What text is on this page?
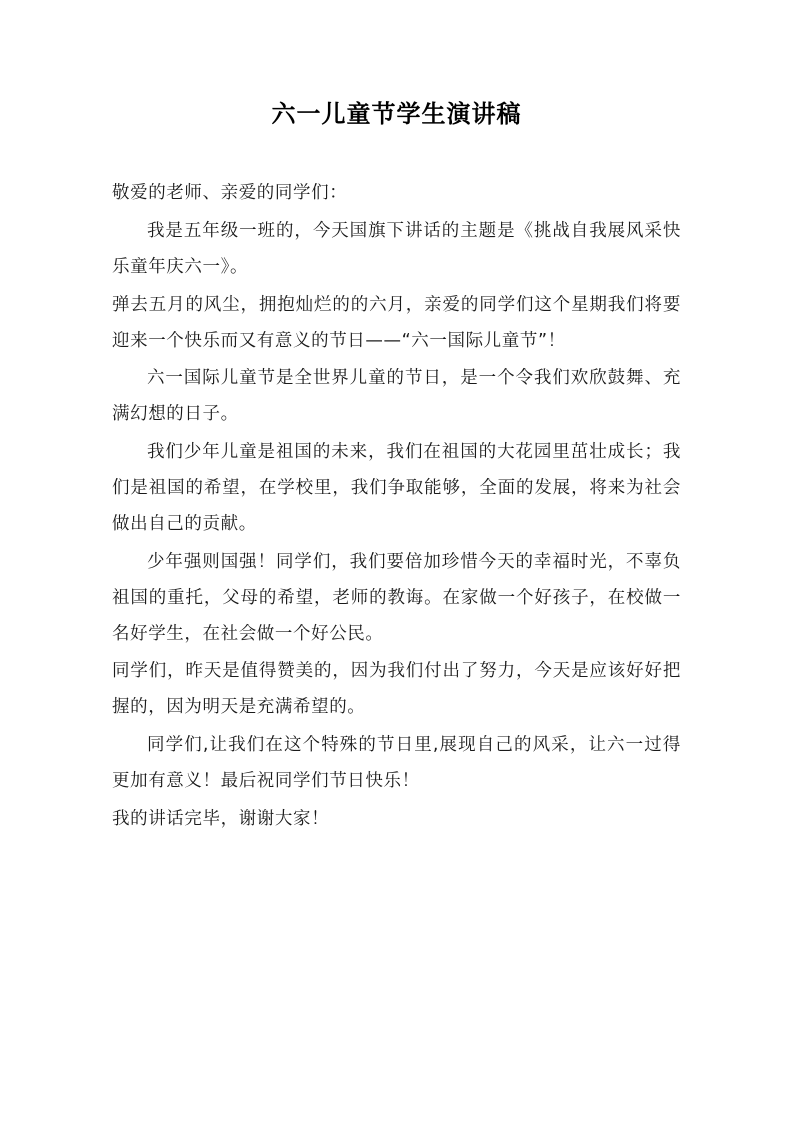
六一儿童节学生演讲稿

敬爱的老师、亲爱的同学们：

我是五年级一班的，今天国旗下讲话的主题是《挑战自我展风采快乐童年庆六一》。

弹去五月的风尘，拥抱灿烂的的六月，亲爱的同学们这个星期我们将要迎来一个快乐而又有意义的节日——“六一国际儿童节”！

六一国际儿童节是全世界儿童的节日，是一个令我们欢欣鼓舞、充满幻想的日子。

我们少年儿童是祖国的未来，我们在祖国的大花园里茁壮成长；我们是祖国的希望，在学校里，我们争取能够，全面的发展，将来为社会做出自己的贡献。

少年强则国强！同学们，我们要倍加珍惜今天的幸福时光，不辜负祖国的重托，父母的希望，老师的教诲。在家做一个好孩子，在校做一名好学生，在社会做一个好公民。

同学们，昨天是值得赞美的，因为我们付出了努力，今天是应该好好把握的，因为明天是充满希望的。

同学们,让我们在这个特殊的节日里,展现自己的风采，让六一过得更加有意义！最后祝同学们节日快乐！

我的讲话完毕，谢谢大家！
